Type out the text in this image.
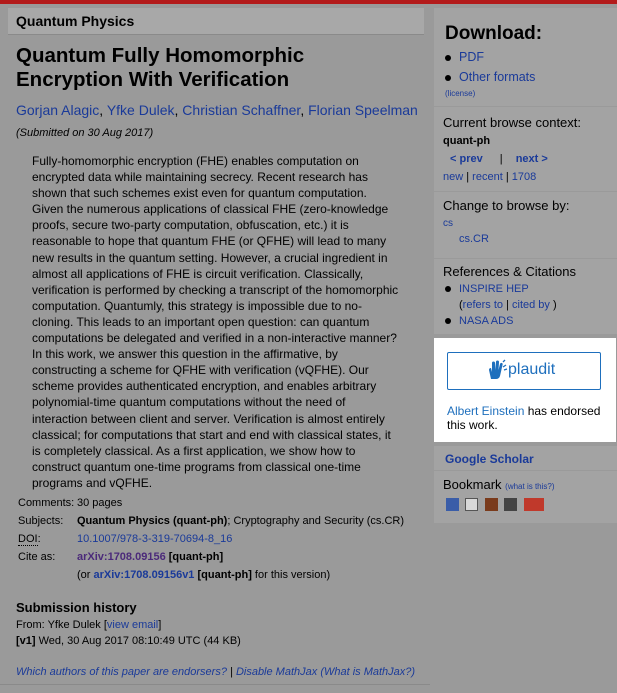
Quantum Physics
Quantum Fully Homomorphic Encryption With Verification
Gorjan Alagic, Yfke Dulek, Christian Schaffner, Florian Speelman
(Submitted on 30 Aug 2017)
Fully-homomorphic encryption (FHE) enables computation on encrypted data while maintaining secrecy. Recent research has shown that such schemes exist even for quantum computation. Given the numerous applications of classical FHE (zero-knowledge proofs, secure two-party computation, obfuscation, etc.) it is reasonable to hope that quantum FHE (or QFHE) will lead to many new results in the quantum setting. However, a crucial ingredient in almost all applications of FHE is circuit verification. Classically, verification is performed by checking a transcript of the homomorphic computation. Quantumly, this strategy is impossible due to no-cloning. This leads to an important open question: can quantum computations be delegated and verified in a non-interactive manner? In this work, we answer this question in the affirmative, by constructing a scheme for QFHE with verification (vQFHE). Our scheme provides authenticated encryption, and enables arbitrary polynomial-time quantum computations without the need of interaction between client and server. Verification is almost entirely classical; for computations that start and end with classical states, it is completely classical. As a first application, we show how to construct quantum one-time programs from classical one-time programs and vQFHE.
Comments: 30 pages
Subjects:	Quantum Physics (quant-ph); Cryptography and Security (cs.CR)
DOI:	10.1007/978-3-319-70694-8_16
Cite as:	arXiv:1708.09156 [quant-ph]
(or arXiv:1708.09156v1 [quant-ph] for this version)
Submission history
From: Yfke Dulek [view email]
[v1] Wed, 30 Aug 2017 08:10:49 UTC (44 KB)
Which authors of this paper are endorsers? | Disable MathJax (What is MathJax?)
Download:
PDF
Other formats
(license)
Current browse context:
quant-ph
< prev | next >
new | recent | 1708
Change to browse by:
cs
cs.CR
References & Citations
INSPIRE HEP
(refers to | cited by )
NASA ADS
plaudit
Albert Einstein has endorsed this work.
Google Scholar
Bookmark (what is this?)
